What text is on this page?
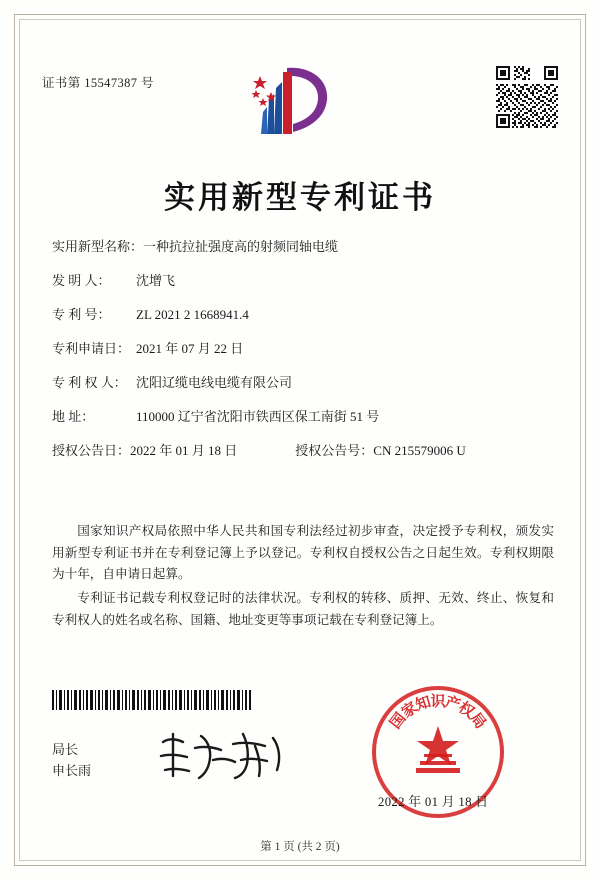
证书第 15547387 号
实用新型专利证书
实用新型名称：一种抗拉扯强度高的射频同轴电缆
发 明 人： 沈增飞
专 利 号： ZL 2021 2 1668941.4
专利申请日： 2021 年 07 月 22 日
专 利 权 人： 沈阳辽缆电线电缆有限公司
地 址：	110000 辽宁省沈阳市铁西区保工南街 51 号
授权公告日：2022 年 01 月 18 日	授权公告号：CN 215579006 U

国家知识产权局依照中华人民共和国专利法经过初步审查，决定授予专利权，颁发实用新型专利证书并在专利登记簿上予以登记。专利权自授权公告之日起生效。专利权期限为十年，自申请日起算。

专利证书记载专利权登记时的法律状况。专利权的转移、质押、无效、终止、恢复和专利权人的姓名或名称、国籍、地址变更等事项记载在专利登记簿上。

局长
申长雨
国
家
知
识
产
权
局
2022 年 01 月 18 日
第 1 页 (共 2 页)
